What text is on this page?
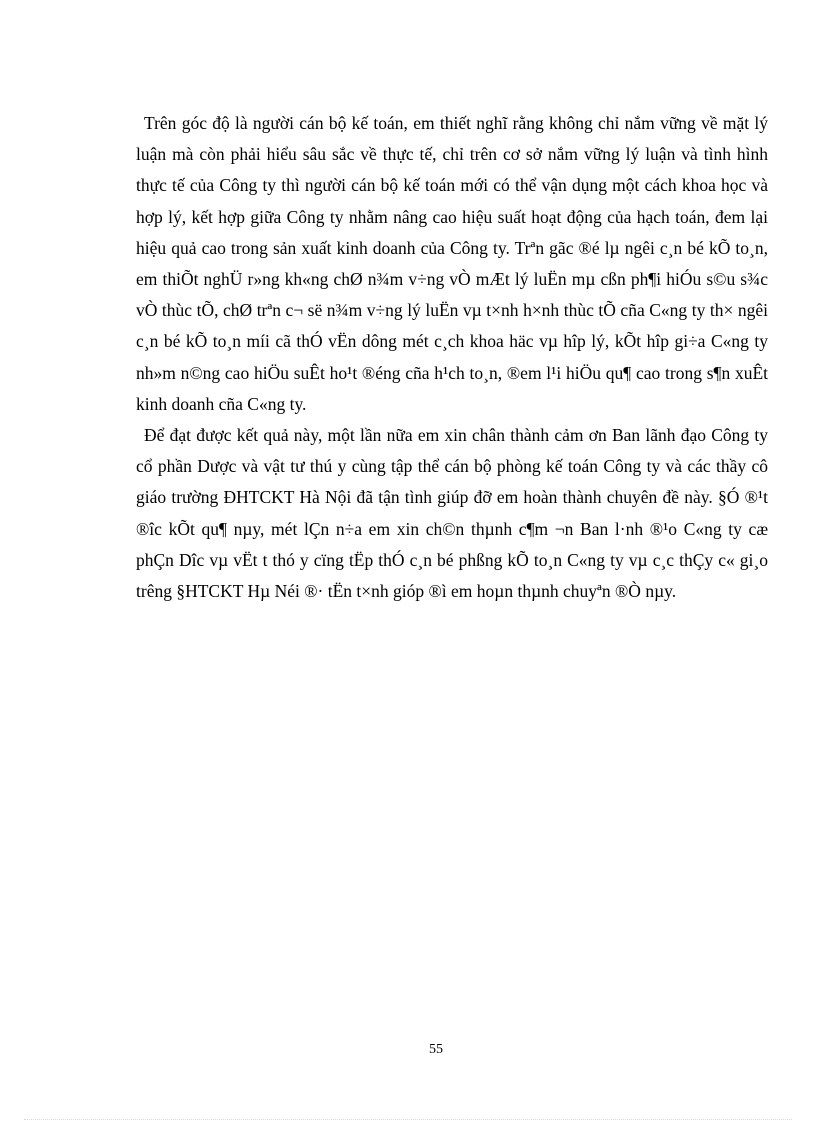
Trên góc độ là người cán bộ kế toán, em thiết nghĩ rằng không chỉ nắm vững về mặt lý luận mà còn phải hiểu sâu sắc về thực tế, chỉ trên cơ sở nắm vững lý luận và tình hình thực tế của Công ty thì người cán bộ kế toán mới có thể vận dụng một cách khoa học và hợp lý, kết hợp giữa Công ty nhằm nâng cao hiệu suất hoạt động của hạch toán, đem lại hiệu quả cao trong sản xuất kinh doanh của Công ty. Trªn gãc ®é lµ ngêi c¸n bé kÕ to¸n, em thiÕt nghÜ r»ng kh«ng chØ n¾m v÷ng vÒ mÆt lý luËn mµ cßn ph¶i hiÓu s©u s¾c vÒ thùc tÕ, chØ trªn c¬ së n¾m v÷ng lý luËn vµ t×nh h×nh thùc tÕ cña C«ng ty th× ngêi c¸n bé kÕ to¸n míi cã thÓ vËn dông mét c¸ch khoa häc vµ hîp lý, kÕt hîp gi÷a C«ng ty nh»m n©ng cao hiÖu suÊt ho¹t ®éng cña h¹ch to¸n, ®em l¹i hiÖu qu¶ cao trong s¶n xuÊt kinh doanh cña C«ng ty.

Để đạt được kết quả này, một lần nữa em xin chân thành cảm ơn Ban lãnh đạo Công ty cổ phần Dược và vật tư thú y cùng tập thể cán bộ phòng kế toán Công ty và các thầy cô giáo trường ĐHTCKT Hà Nội đã tận tình giúp đỡ em hoàn thành chuyên đề này. §Ó ®¹t ®îc kÕt qu¶ nµy, mét lÇn n÷a em xin ch©n thµnh c¶m ¬n Ban l·nh ®¹o C«ng ty cæ phÇn Dîc vµ vËt t thó y cïng tËp thÓ c¸n bé phßng kÕ to¸n C«ng ty vµ c¸c thÇy c« gi¸o trêng §HTCKT Hµ Néi ®· tËn t×nh gióp ®ì em hoµn thµnh chuyªn ®Ò nµy.

55
